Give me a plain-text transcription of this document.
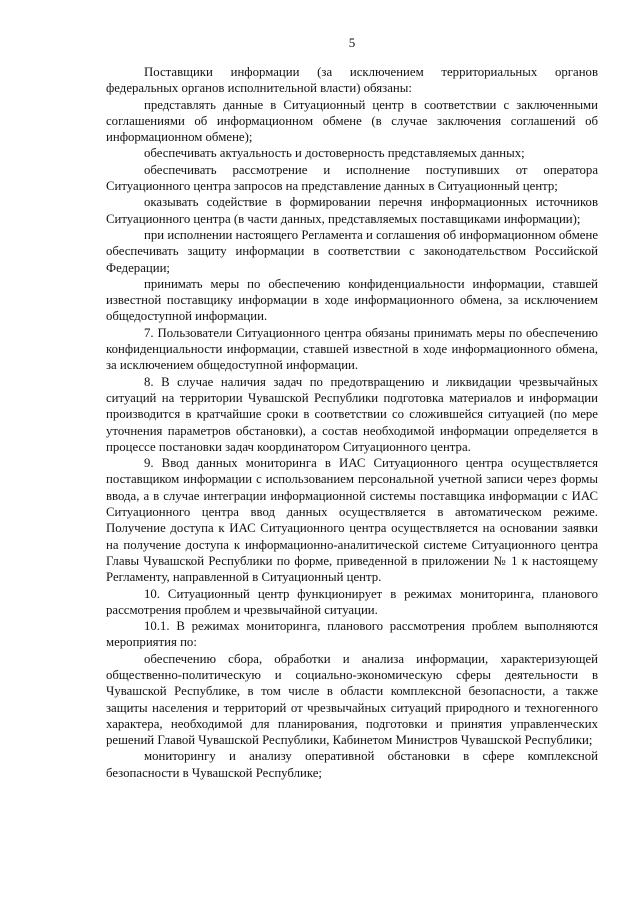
5

Поставщики информации (за исключением территориальных органов федеральных органов исполнительной власти) обязаны:

представлять данные в Ситуационный центр в соответствии с заключенными соглашениями об информационном обмене (в случае заключения соглашений об информационном обмене);

обеспечивать актуальность и достоверность представляемых данных;

обеспечивать рассмотрение и исполнение поступивших от оператора Ситуационного центра запросов на представление данных в Ситуационный центр;

оказывать содействие в формировании перечня информационных источников Ситуационного центра (в части данных, представляемых поставщиками информации);

при исполнении настоящего Регламента и соглашения об информационном обмене обеспечивать защиту информации в соответствии с законодательством Российской Федерации;

принимать меры по обеспечению конфиденциальности информации, ставшей известной поставщику информации в ходе информационного обмена, за исключением общедоступной информации.

7. Пользователи Ситуационного центра обязаны принимать меры по обеспечению конфиденциальности информации, ставшей известной в ходе информационного обмена, за исключением общедоступной информации.

8. В случае наличия задач по предотвращению и ликвидации чрезвычайных ситуаций на территории Чувашской Республики подготовка материалов и информации производится в кратчайшие сроки в соответствии со сложившейся ситуацией (по мере уточнения параметров обстановки), а состав необходимой информации определяется в процессе постановки задач координатором Ситуационного центра.

9. Ввод данных мониторинга в ИАС Ситуационного центра осуществляется поставщиком информации с использованием персональной учетной записи через формы ввода, а в случае интеграции информационной системы поставщика информации с ИАС Ситуационного центра ввод данных осуществляется в автоматическом режиме. Получение доступа к ИАС Ситуационного центра осуществляется на основании заявки на получение доступа к информационно-аналитической системе Ситуационного центра Главы Чувашской Республики по форме, приведенной в приложении № 1 к настоящему Регламенту, направленной в Ситуационный центр.

10. Ситуационный центр функционирует в режимах мониторинга, планового рассмотрения проблем и чрезвычайной ситуации.

10.1. В режимах мониторинга, планового рассмотрения проблем выполняются мероприятия по:

обеспечению сбора, обработки и анализа информации, характеризующей общественно-политическую и социально-экономическую сферы деятельности в Чувашской Республике, в том числе в области комплексной безопасности, а также защиты населения и территорий от чрезвычайных ситуаций природного и техногенного характера, необходимой для планирования, подготовки и принятия управленческих решений Главой Чувашской Республики, Кабинетом Министров Чувашской Республики;

мониторингу и анализу оперативной обстановки в сфере комплексной безопасности в Чувашской Республике;
